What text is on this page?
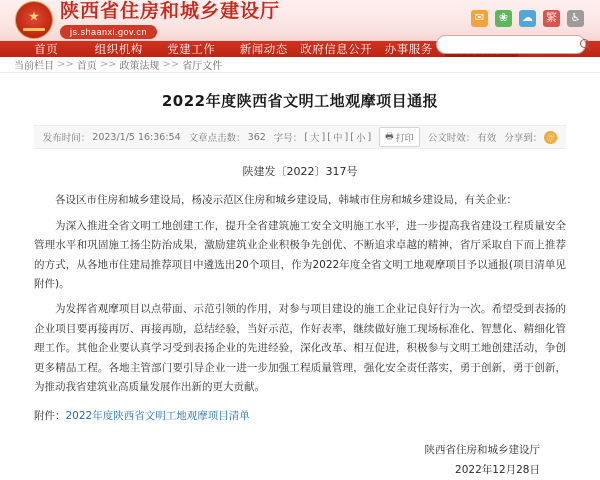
★ 陕西省住房和城乡建设厅
js.shaanxi.gov.cn
✉	❀	☁ 繁	♿
首页	组织机构	党建工作	新闻动态	政府信息公开	办事服务
当前栏目 >> 首页 >> 政策法规 >> 省厅文件
2022年度陕西省文明工地观摩项目通报
发布时间： 2023/1/5 16:36:54 文章点击数： 362 字号： [ 大 ] [ 中 ] [ 小 ] 🖶 打印 公文时效： 有效 分享到： ＠
陕建发〔2022〕317号

各设区市住房和城乡建设局，杨凌示范区住房和城乡建设局，韩城市住房和城乡建设局，有关企业：

为深入推进全省文明工地创建工作，提升全省建筑施工安全文明施工水平，进一步提高我省建设工程质量安全管理水平和巩固施工扬尘防治成果，激励建筑业企业积极争先创优、不断追求卓越的精神，省厅采取自下而上推荐的方式，从各地市住建局推荐项目中遴选出20个项目，作为2022年度全省文明工地观摩项目予以通报(项目清单见附件)。

为发挥省观摩项目以点带面、示范引领的作用，对参与项目建设的施工企业记良好行为一次。希望受到表扬的企业项目要再接再厉、再接再励，总结经验，当好示范，作好表率，继续做好施工现场标准化、智慧化、精细化管理工作。其他企业要认真学习受到表扬企业的先进经验，深化改革、相互促进，积极参与文明工地创建活动，争创更多精品工程。各地主管部门要引导企业一进一步加强工程质量管理，强化安全责任落实，勇于创新，勇于创新，为推动我省建筑业高质量发展作出新的更大贡献。

附件：2022年度陕西省文明工地观摩项目清单
陕西省住房和城乡建设厅
2022年12月28日
